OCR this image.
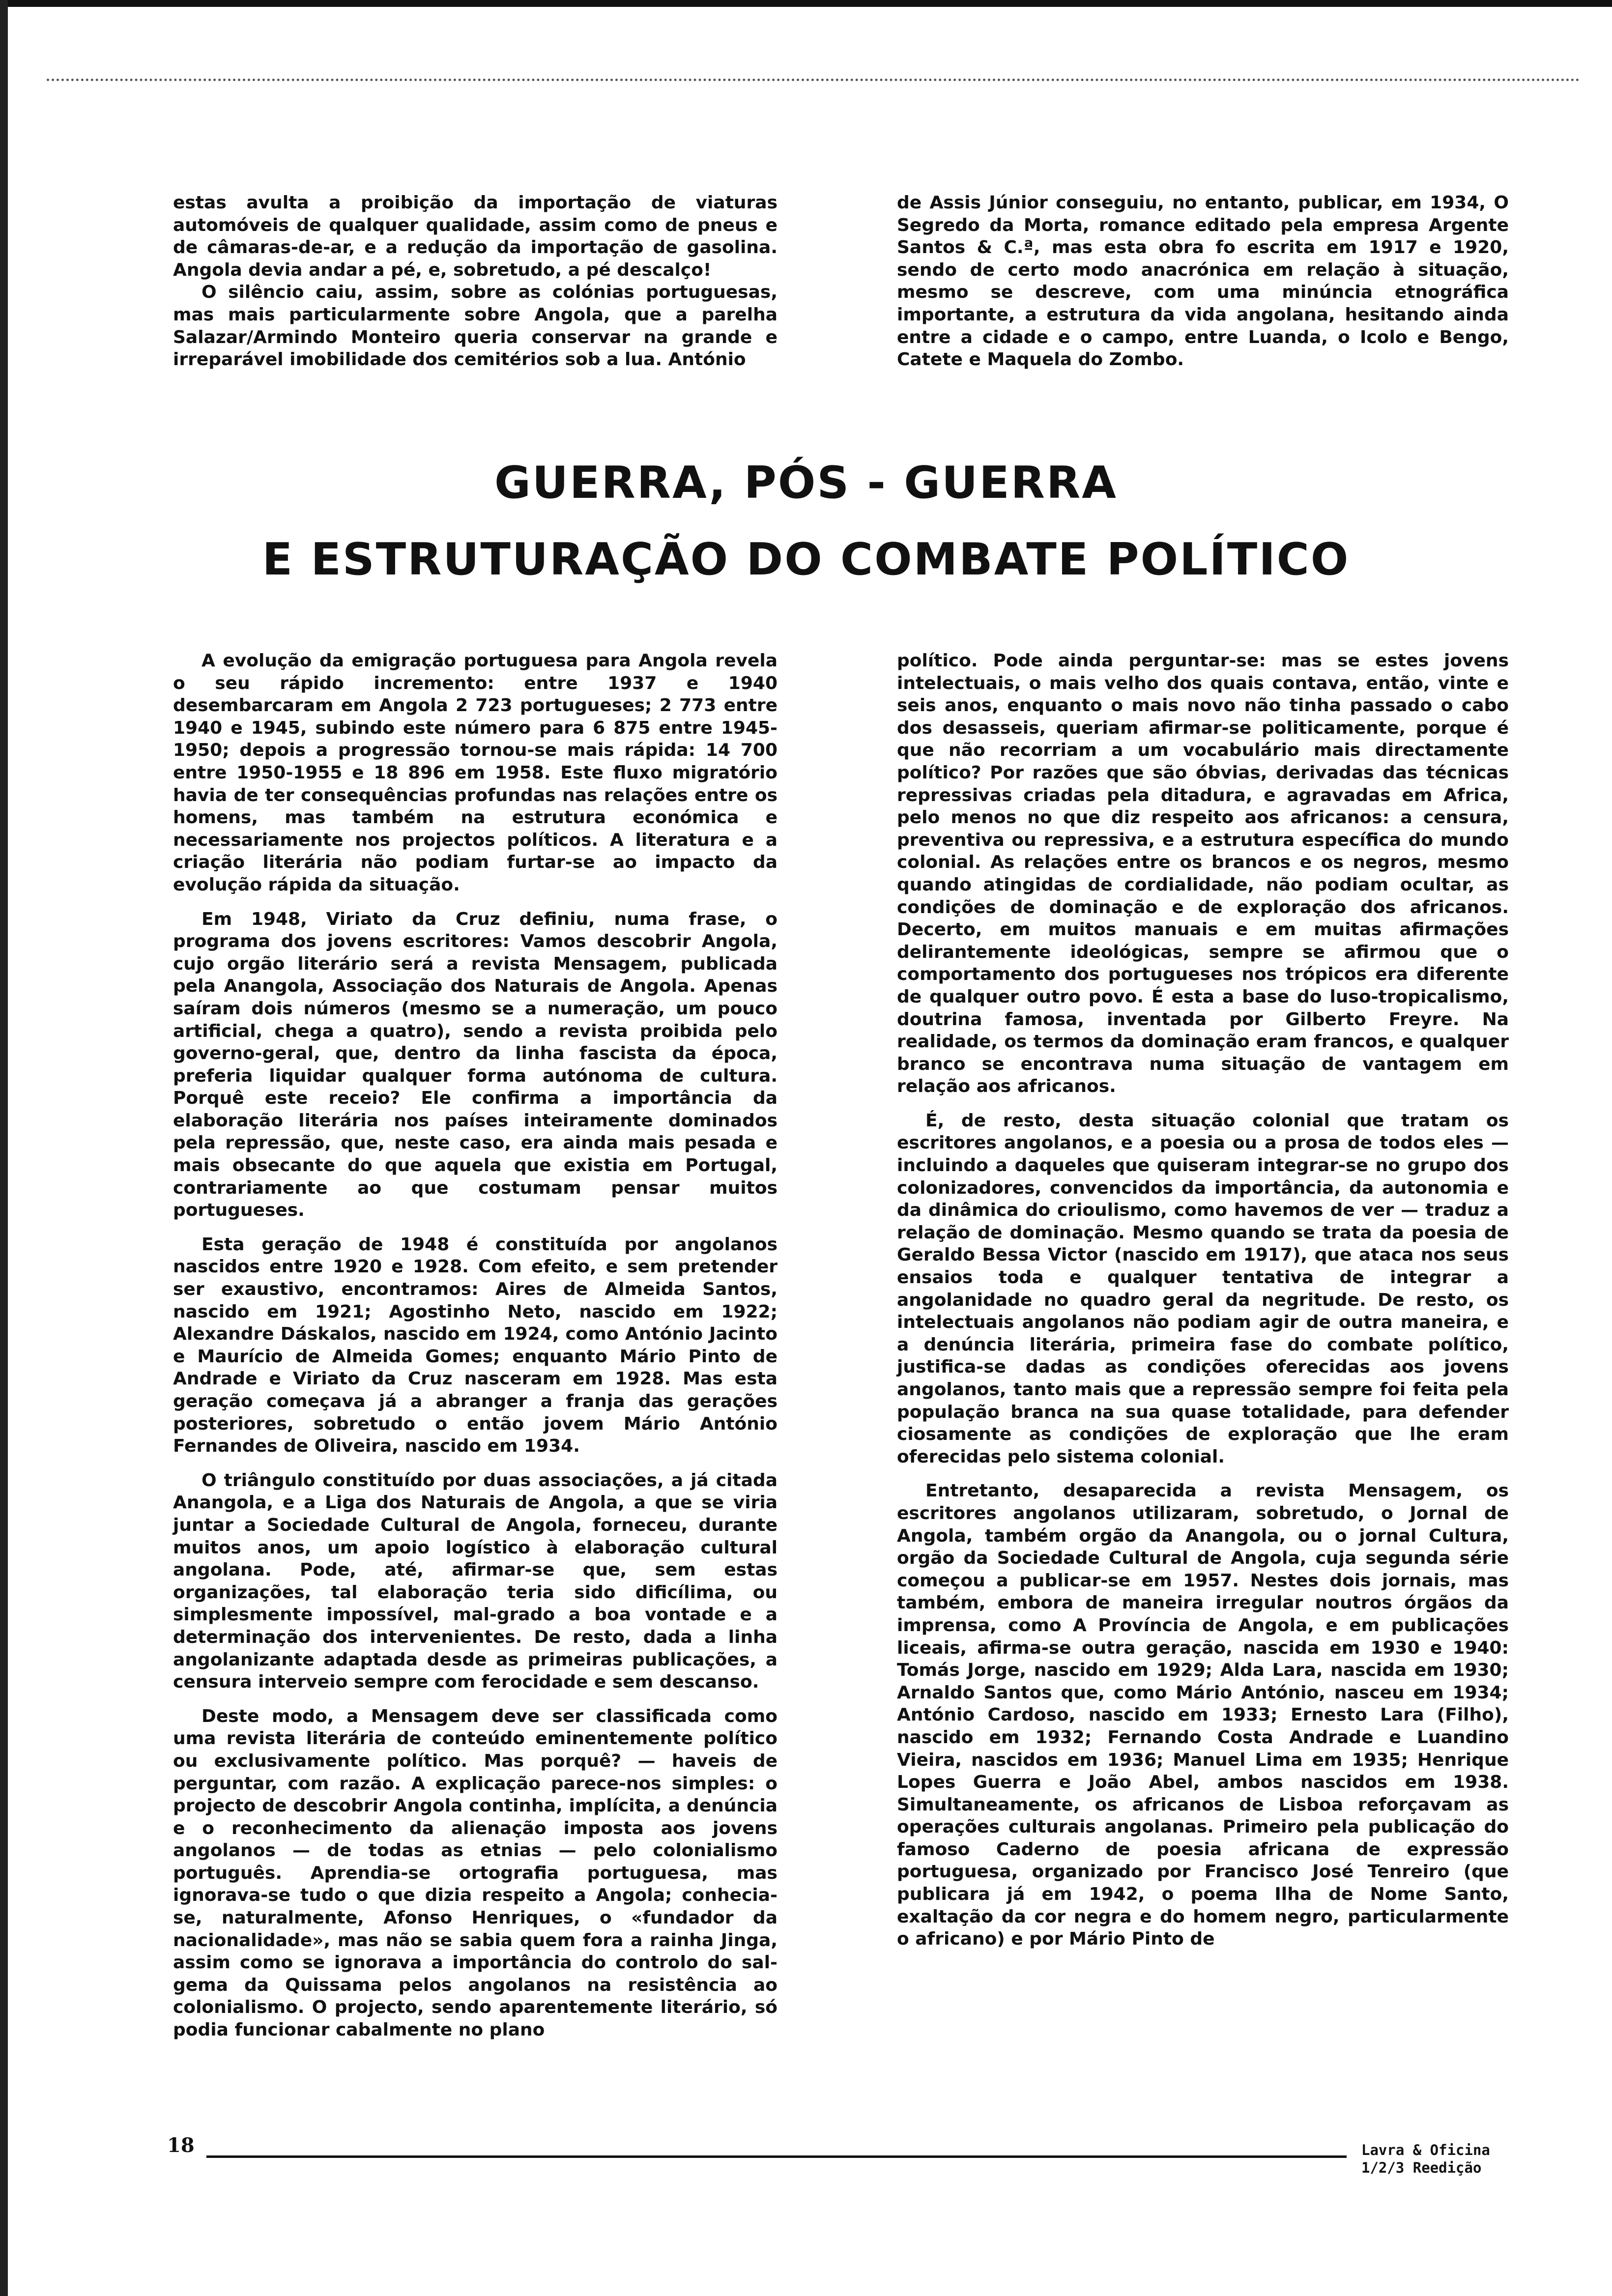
estas avulta a proibição da importação de viaturas automóveis de qualquer qualidade, assim como de pneus e de câmaras-de-ar, e a redução da importação de gasolina. Angola devia andar a pé, e, sobretudo, a pé descalço!

O silêncio caiu, assim, sobre as colónias portuguesas, mas mais particularmente sobre Angola, que a parelha Salazar/Armindo Monteiro queria conservar na grande e irreparável imobilidade dos cemitérios sob a lua. António

de Assis Júnior conseguiu, no entanto, publicar, em 1934, O Segredo da Morta, romance editado pela empresa Argente Santos & C.ª, mas esta obra fo escrita em 1917 e 1920, sendo de certo modo anacrónica em relação à situação, mesmo se descreve, com uma minúncia etnográfica importante, a estrutura da vida angolana, hesitando ainda entre a cidade e o campo, entre Luanda, o Icolo e Bengo, Catete e Maquela do Zombo.

GUERRA, PÓS - GUERRA
E ESTRUTURAÇÃO DO COMBATE POLÍTICO

A evolução da emigração portuguesa para Angola revela o seu rápido incremento: entre 1937 e 1940 desembarcaram em Angola 2 723 portugueses; 2 773 entre 1940 e 1945, subindo este número para 6 875 entre 1945-1950; depois a progressão tornou-se mais rápida: 14 700 entre 1950-1955 e 18 896 em 1958. Este fluxo migratório havia de ter consequências profundas nas relações entre os homens, mas também na estrutura económica e necessariamente nos projectos políticos. A literatura e a criação literária não podiam furtar-se ao impacto da evolução rápida da situação.

Em 1948, Viriato da Cruz definiu, numa frase, o programa dos jovens escritores: Vamos descobrir Angola, cujo orgão literário será a revista Mensagem, publicada pela Anangola, Associação dos Naturais de Angola. Apenas saíram dois números (mesmo se a numeração, um pouco artificial, chega a quatro), sendo a revista proibida pelo governo-geral, que, dentro da linha fascista da época, preferia liquidar qualquer forma autónoma de cultura. Porquê este receio? Ele confirma a importância da elaboração literária nos países inteiramente dominados pela repressão, que, neste caso, era ainda mais pesada e mais obsecante do que aquela que existia em Portugal, contrariamente ao que costumam pensar muitos portugueses.

Esta geração de 1948 é constituída por angolanos nascidos entre 1920 e 1928. Com efeito, e sem pretender ser exaustivo, encontramos: Aires de Almeida Santos, nascido em 1921; Agostinho Neto, nascido em 1922; Alexandre Dáskalos, nascido em 1924, como António Jacinto e Maurício de Almeida Gomes; enquanto Mário Pinto de Andrade e Viriato da Cruz nasceram em 1928. Mas esta geração começava já a abranger a franja das gerações posteriores, sobretudo o então jovem Mário António Fernandes de Oliveira, nascido em 1934.

O triângulo constituído por duas associações, a já citada Anangola, e a Liga dos Naturais de Angola, a que se viria juntar a Sociedade Cultural de Angola, forneceu, durante muitos anos, um apoio logístico à elaboração cultural angolana. Pode, até, afirmar-se que, sem estas organizações, tal elaboração teria sido dificílima, ou simplesmente impossível, mal-grado a boa vontade e a determinação dos intervenientes. De resto, dada a linha angolanizante adaptada desde as primeiras publicações, a censura interveio sempre com ferocidade e sem descanso.

Deste modo, a Mensagem deve ser classificada como uma revista literária de conteúdo eminentemente político ou exclusivamente político. Mas porquê? — haveis de perguntar, com razão. A explicação parece-nos simples: o projecto de descobrir Angola continha, implícita, a denúncia e o reconhecimento da alienação imposta aos jovens angolanos — de todas as etnias — pelo colonialismo português. Aprendia-se ortografia portuguesa, mas ignorava-se tudo o que dizia respeito a Angola; conhecia-se, naturalmente, Afonso Henriques, o «fundador da nacionalidade», mas não se sabia quem fora a rainha Jinga, assim como se ignorava a importância do controlo do sal-gema da Quissama pelos angolanos na resistência ao colonialismo. O projecto, sendo aparentemente literário, só podia funcionar cabalmente no plano

político. Pode ainda perguntar-se: mas se estes jovens intelectuais, o mais velho dos quais contava, então, vinte e seis anos, enquanto o mais novo não tinha passado o cabo dos desasseis, queriam afirmar-se politicamente, porque é que não recorriam a um vocabulário mais directamente político? Por razões que são óbvias, derivadas das técnicas repressivas criadas pela ditadura, e agravadas em Africa, pelo menos no que diz respeito aos africanos: a censura, preventiva ou repressiva, e a estrutura específica do mundo colonial. As relações entre os brancos e os negros, mesmo quando atingidas de cordialidade, não podiam ocultar, as condições de dominação e de exploração dos africanos. Decerto, em muitos manuais e em muitas afirmações delirantemente ideológicas, sempre se afirmou que o comportamento dos portugueses nos trópicos era diferente de qualquer outro povo. É esta a base do luso-tropicalismo, doutrina famosa, inventada por Gilberto Freyre. Na realidade, os termos da dominação eram francos, e qualquer branco se encontrava numa situação de vantagem em relação aos africanos.

É, de resto, desta situação colonial que tratam os escritores angolanos, e a poesia ou a prosa de todos eles — incluindo a daqueles que quiseram integrar-se no grupo dos colonizadores, convencidos da importância, da autonomia e da dinâmica do crioulismo, como havemos de ver — traduz a relação de dominação. Mesmo quando se trata da poesia de Geraldo Bessa Victor (nascido em 1917), que ataca nos seus ensaios toda e qualquer tentativa de integrar a angolanidade no quadro geral da negritude. De resto, os intelectuais angolanos não podiam agir de outra maneira, e a denúncia literária, primeira fase do combate político, justifica-se dadas as condições oferecidas aos jovens angolanos, tanto mais que a repressão sempre foi feita pela população branca na sua quase totalidade, para defender ciosamente as condições de exploração que lhe eram oferecidas pelo sistema colonial.

Entretanto, desaparecida a revista Mensagem, os escritores angolanos utilizaram, sobretudo, o Jornal de Angola, também orgão da Anangola, ou o jornal Cultura, orgão da Sociedade Cultural de Angola, cuja segunda série começou a publicar-se em 1957. Nestes dois jornais, mas também, embora de maneira irregular noutros órgãos da imprensa, como A Província de Angola, e em publicações liceais, afirma-se outra geração, nascida em 1930 e 1940: Tomás Jorge, nascido em 1929; Alda Lara, nascida em 1930; Arnaldo Santos que, como Mário António, nasceu em 1934; António Cardoso, nascido em 1933; Ernesto Lara (Filho), nascido em 1932; Fernando Costa Andrade e Luandino Vieira, nascidos em 1936; Manuel Lima em 1935; Henrique Lopes Guerra e João Abel, ambos nascidos em 1938. Simultaneamente, os africanos de Lisboa reforçavam as operações culturais angolanas. Primeiro pela publicação do famoso Caderno de poesia africana de expressão portuguesa, organizado por Francisco José Tenreiro (que publicara já em 1942, o poema Ilha de Nome Santo, exaltação da cor negra e do homem negro, particularmente o africano) e por Mário Pinto de

18	Lavra & Oficina
1/2/3 Reedição
